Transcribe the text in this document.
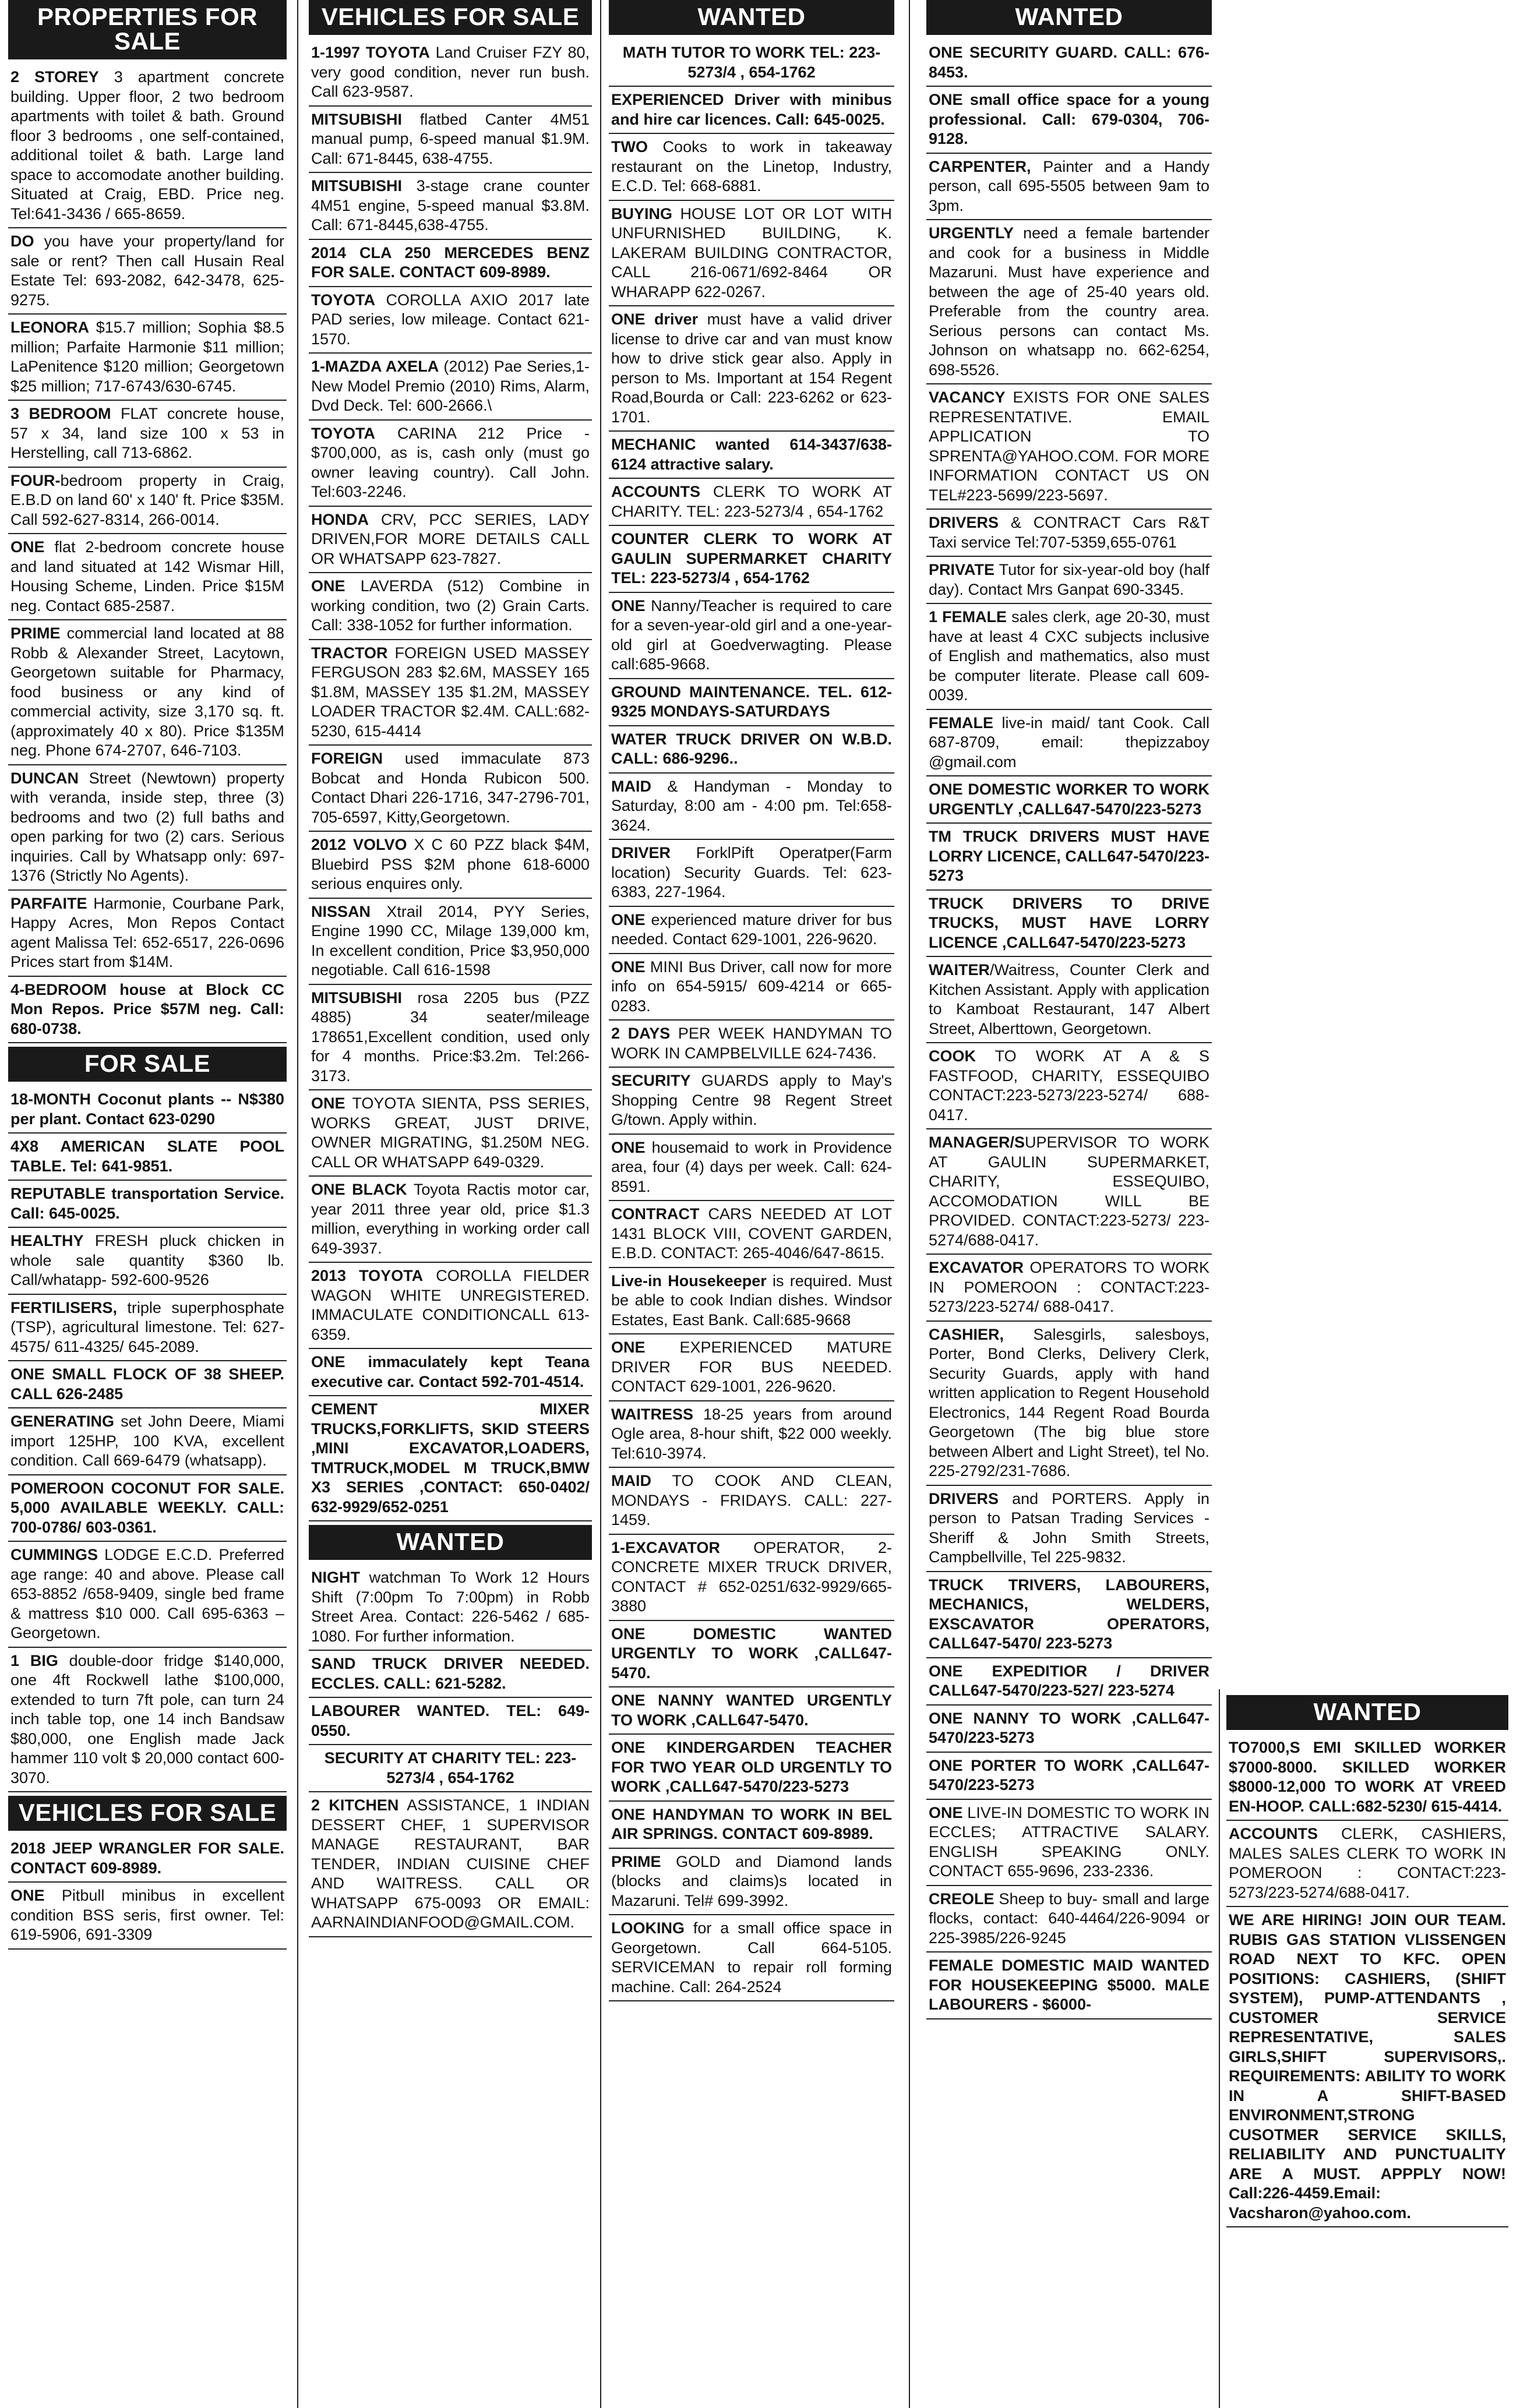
PROPERTIES FOR SALE
2 STOREY 3 apartment concrete building. Upper floor, 2 two bedroom apartments with toilet & bath. Ground floor 3 bedrooms , one self-contained, additional toilet & bath. Large land space to accomodate another building. Situated at Craig, EBD. Price neg. Tel:641-3436 / 665-8659.
DO you have your property/land for sale or rent? Then call Husain Real Estate Tel: 693-2082, 642-3478, 625-9275.
LEONORA $15.7 million; Sophia $8.5 million; Parfaite Harmonie $11 million; LaPenitence $120 million; Georgetown $25 million; 717-6743/630-6745.
3 BEDROOM FLAT concrete house, 57 x 34, land size 100 x 53 in Herstelling, call 713-6862.
FOUR-bedroom property in Craig, E.B.D on land 60' x 140' ft. Price $35M. Call 592-627-8314, 266-0014.
ONE flat 2-bedroom concrete house and land situated at 142 Wismar Hill, Housing Scheme, Linden. Price $15M neg. Contact 685-2587.
PRIME commercial land located at 88 Robb & Alexander Street, Lacytown, Georgetown suitable for Pharmacy, food business or any kind of commercial activity, size 3,170 sq. ft. (approximately 40 x 80). Price $135M neg. Phone 674-2707, 646-7103.
DUNCAN Street (Newtown) property with veranda, inside step, three (3) bedrooms and two (2) full baths and open parking for two (2) cars. Serious inquiries. Call by Whatsapp only: 697-1376 (Strictly No Agents).
PARFAITE Harmonie, Courbane Park, Happy Acres, Mon Repos Contact agent Malissa Tel: 652-6517, 226-0696 Prices start from $14M.
4-BEDROOM house at Block CC Mon Repos. Price $57M neg. Call: 680-0738.
FOR SALE
18-MONTH Coconut plants -- N$380 per plant. Contact 623-0290
4X8 AMERICAN SLATE POOL TABLE. Tel: 641-9851.
REPUTABLE transportation Service. Call: 645-0025.
HEALTHY FRESH pluck chicken in whole sale quantity $360 lb. Call/whatapp- 592-600-9526
FERTILISERS, triple superphosphate (TSP), agricultural limestone. Tel: 627-4575/ 611-4325/ 645-2089.
ONE SMALL FLOCK OF 38 SHEEP. CALL 626-2485
GENERATING set John Deere, Miami import 125HP, 100 KVA, excellent condition. Call 669-6479 (whatsapp).
POMEROON COCONUT FOR SALE. 5,000 AVAILABLE WEEKLY. CALL: 700-0786/ 603-0361.
CUMMINGS LODGE E.C.D. Preferred age range: 40 and above. Please call 653-8852 /658-9409, single bed frame & mattress $10 000. Call 695-6363 – Georgetown.
1 BIG double-door fridge $140,000, one 4ft Rockwell lathe $100,000, extended to turn 7ft pole, can turn 24 inch table top, one 14 inch Bandsaw $80,000, one English made Jack hammer 110 volt $ 20,000 contact 600-3070.
VEHICLES FOR SALE
2018 JEEP WRANGLER FOR SALE. CONTACT 609-8989.
ONE Pitbull minibus in excellent condition BSS seris, first owner. Tel: 619-5906, 691-3309
VEHICLES FOR SALE
1-1997 TOYOTA Land Cruiser FZY 80, very good condition, never run bush. Call 623-9587.
MITSUBISHI flatbed Canter 4M51 manual pump, 6-speed manual $1.9M. Call: 671-8445, 638-4755.
MITSUBISHI 3-stage crane counter 4M51 engine, 5-speed manual $3.8M. Call: 671-8445,638-4755.
2014 CLA 250 MERCEDES BENZ FOR SALE. CONTACT 609-8989.
TOYOTA COROLLA AXIO 2017 late PAD series, low mileage. Contact 621-1570.
1-MAZDA AXELA (2012) Pae Series,1- New Model Premio (2010) Rims, Alarm, Dvd Deck. Tel: 600-2666.\
TOYOTA CARINA 212 Price - $700,000, as is, cash only (must go owner leaving country). Call John. Tel:603-2246.
HONDA CRV, PCC SERIES, LADY DRIVEN,FOR MORE DETAILS CALL OR WHATSAPP 623-7827.
ONE LAVERDA (512) Combine in working condition, two (2) Grain Carts. Call: 338-1052 for further information.
TRACTOR FOREIGN USED MASSEY FERGUSON 283 $2.6M, MASSEY 165 $1.8M, MASSEY 135 $1.2M, MASSEY LOADER TRACTOR $2.4M. CALL:682-5230, 615-4414
FOREIGN used immaculate 873 Bobcat and Honda Rubicon 500. Contact Dhari 226-1716, 347-2796-701, 705-6597, Kitty,Georgetown.
2012 VOLVO X C 60 PZZ black $4M, Bluebird PSS $2M phone 618-6000 serious enquires only.
NISSAN Xtrail 2014, PYY Series, Engine 1990 CC, Milage 139,000 km, In excellent condition, Price $3,950,000 negotiable. Call 616-1598
MITSUBISHI rosa 2205 bus (PZZ 4885) 34 seater/mileage 178651,Excellent condition, used only for 4 months. Price:$3.2m. Tel:266-3173.
ONE TOYOTA SIENTA, PSS SERIES, WORKS GREAT, JUST DRIVE, OWNER MIGRATING, $1.250M NEG. CALL OR WHATSAPP 649-0329.
ONE BLACK Toyota Ractis motor car, year 2011 three year old, price $1.3 million, everything in working order call 649-3937.
2013 TOYOTA COROLLA FIELDER WAGON WHITE UNREGISTERED. IMMACULATE CONDITIONCALL 613-6359.
ONE immaculately kept Teana executive car. Contact 592-701-4514.
CEMENT MIXER TRUCKS,FORKLIFTS, SKID STEERS ,MINI EXCAVATOR,LOADERS, TMTRUCK,MODEL M TRUCK,BMW X3 SERIES ,CONTACT: 650-0402/ 632-9929/652-0251
WANTED
NIGHT watchman To Work 12 Hours Shift (7:00pm To 7:00pm) in Robb Street Area. Contact: 226-5462 / 685-1080. For further information.
SAND TRUCK DRIVER NEEDED. ECCLES. CALL: 621-5282.
LABOURER WANTED. TEL: 649-0550.
SECURITY AT CHARITY TEL: 223-5273/4 , 654-1762
2 KITCHEN ASSISTANCE, 1 INDIAN DESSERT CHEF, 1 SUPERVISOR MANAGE RESTAURANT, BAR TENDER, INDIAN CUISINE CHEF AND WAITRESS. CALL OR WHATSAPP 675-0093 OR EMAIL: AARNAINDIANFOOD@GMAIL.COM.
WANTED
MATH TUTOR TO WORK TEL: 223-5273/4 , 654-1762
EXPERIENCED Driver with minibus and hire car licences. Call: 645-0025.
TWO Cooks to work in takeaway restaurant on the Linetop, Industry, E.C.D. Tel: 668-6881.
BUYING HOUSE LOT OR LOT WITH UNFURNISHED BUILDING, K. LAKERAM BUILDING CONTRACTOR, CALL 216-0671/692-8464 OR WHARAPP 622-0267.
ONE driver must have a valid driver license to drive car and van must know how to drive stick gear also. Apply in person to Ms. Important at 154 Regent Road,Bourda or Call: 223-6262 or 623-1701.
MECHANIC wanted 614-3437/638-6124 attractive salary.
ACCOUNTS CLERK TO WORK AT CHARITY. TEL: 223-5273/4 , 654-1762
COUNTER CLERK TO WORK AT GAULIN SUPERMARKET CHARITY TEL: 223-5273/4 , 654-1762
ONE Nanny/Teacher is required to care for a seven-year-old girl and a one-year-old girl at Goedverwagting. Please call:685-9668.
GROUND MAINTENANCE. TEL. 612-9325 MONDAYS-SATURDAYS
WATER TRUCK DRIVER ON W.B.D. CALL: 686-9296..
MAID & Handyman - Monday to Saturday, 8:00 am - 4:00 pm. Tel:658-3624.
DRIVER ForklPift Operatper(Farm location) Security Guards. Tel: 623-6383, 227-1964.
ONE experienced mature driver for bus needed. Contact 629-1001, 226-9620.
ONE MINI Bus Driver, call now for more info on 654-5915/ 609-4214 or 665-0283.
2 DAYS PER WEEK HANDYMAN TO WORK IN CAMPBELVILLE 624-7436.
SECURITY GUARDS apply to May's Shopping Centre 98 Regent Street G/town. Apply within.
ONE housemaid to work in Providence area, four (4) days per week. Call: 624-8591.
CONTRACT CARS NEEDED AT LOT 1431 BLOCK VIII, COVENT GARDEN, E.B.D. CONTACT: 265-4046/647-8615.
Live-in Housekeeper is required. Must be able to cook Indian dishes. Windsor Estates, East Bank. Call:685-9668
ONE EXPERIENCED MATURE DRIVER FOR BUS NEEDED. CONTACT 629-1001, 226-9620.
WAITRESS 18-25 years from around Ogle area, 8-hour shift, $22 000 weekly. Tel:610-3974.
MAID TO COOK AND CLEAN, MONDAYS - FRIDAYS. CALL: 227-1459.
1-EXCAVATOR OPERATOR, 2- CONCRETE MIXER TRUCK DRIVER, CONTACT # 652-0251/632-9929/665-3880
ONE DOMESTIC WANTED URGENTLY TO WORK ,CALL647-5470.
ONE NANNY WANTED URGENTLY TO WORK ,CALL647-5470.
ONE KINDERGARDEN TEACHER FOR TWO YEAR OLD URGENTLY TO WORK ,CALL647-5470/223-5273
ONE HANDYMAN TO WORK IN BEL AIR SPRINGS. CONTACT 609-8989.
PRIME GOLD and Diamond lands (blocks and claims)s located in Mazaruni. Tel# 699-3992.
LOOKING for a small office space in Georgetown. Call 664-5105. SERVICEMAN to repair roll forming machine. Call: 264-2524
WANTED
ONE SECURITY GUARD. CALL: 676-8453.
ONE small office space for a young professional. Call: 679-0304, 706-9128.
CARPENTER, Painter and a Handy person, call 695-5505 between 9am to 3pm.
URGENTLY need a female bartender and cook for a business in Middle Mazaruni. Must have experience and between the age of 25-40 years old. Preferable from the country area. Serious persons can contact Ms. Johnson on whatsapp no. 662-6254, 698-5526.
VACANCY EXISTS FOR ONE SALES REPRESENTATIVE. EMAIL APPLICATION TO SPRENTA@YAHOO.COM. FOR MORE INFORMATION CONTACT US ON TEL#223-5699/223-5697.
DRIVERS & CONTRACT Cars R&T Taxi service Tel:707-5359,655-0761
PRIVATE Tutor for six-year-old boy (half day). Contact Mrs Ganpat 690-3345.
1 FEMALE sales clerk, age 20-30, must have at least 4 CXC subjects inclusive of English and mathematics, also must be computer literate. Please call 609-0039.
FEMALE live-in maid/ tant Cook. Call 687-8709, email: thepizzaboy @gmail.com
ONE DOMESTIC WORKER TO WORK URGENTLY ,CALL647-5470/223-5273
TM TRUCK DRIVERS MUST HAVE LORRY LICENCE, CALL647-5470/223-5273
TRUCK DRIVERS TO DRIVE TRUCKS, MUST HAVE LORRY LICENCE ,CALL647-5470/223-5273
WAITER/Waitress, Counter Clerk and Kitchen Assistant. Apply with application to Kamboat Restaurant, 147 Albert Street, Alberttown, Georgetown.
COOK TO WORK AT A & S FASTFOOD, CHARITY, ESSEQUIBO CONTACT:223-5273/223-5274/ 688-0417.
MANAGER/SUPERVISOR TO WORK AT GAULIN SUPERMARKET, CHARITY, ESSEQUIBO, ACCOMODATION WILL BE PROVIDED. CONTACT:223-5273/ 223-5274/688-0417.
EXCAVATOR OPERATORS TO WORK IN POMEROON : CONTACT:223-5273/223-5274/ 688-0417.
CASHIER, Salesgirls, salesboys, Porter, Bond Clerks, Delivery Clerk, Security Guards, apply with hand written application to Regent Household Electronics, 144 Regent Road Bourda Georgetown (The big blue store between Albert and Light Street), tel No. 225-2792/231-7686.
DRIVERS and PORTERS. Apply in person to Patsan Trading Services - Sheriff & John Smith Streets, Campbellville, Tel 225-9832.
TRUCK TRIVERS, LABOURERS, MECHANICS, WELDERS, EXSCAVATOR OPERATORS, CALL647-5470/ 223-5273
ONE EXPEDITIOR / DRIVER CALL647-5470/223-527/ 223-5274
ONE NANNY TO WORK ,CALL647-5470/223-5273
ONE PORTER TO WORK ,CALL647-5470/223-5273
ONE LIVE-IN DOMESTIC TO WORK IN ECCLES; ATTRACTIVE SALARY. ENGLISH SPEAKING ONLY. CONTACT 655-9696, 233-2336.
CREOLE Sheep to buy- small and large flocks, contact: 640-4464/226-9094 or 225-3985/226-9245
FEMALE DOMESTIC MAID WANTED FOR HOUSEKEEPING $5000. MALE LABOURERS - $6000-
WANTED
TO7000,S EMI SKILLED WORKER $7000-8000. SKILLED WORKER $8000-12,000 TO WORK AT VREED EN-HOOP. CALL:682-5230/ 615-4414.
ACCOUNTS CLERK, CASHIERS, MALES SALES CLERK TO WORK IN POMEROON : CONTACT:223-5273/223-5274/688-0417.
WE ARE HIRING! JOIN OUR TEAM. RUBIS GAS STATION VLISSENGEN ROAD NEXT TO KFC. OPEN POSITIONS: CASHIERS, (SHIFT SYSTEM), PUMP-ATTENDANTS , CUSTOMER SERVICE REPRESENTATIVE, SALES GIRLS,SHIFT SUPERVISORS,. REQUIREMENTS: ABILITY TO WORK IN A SHIFT-BASED ENVIRONMENT,STRONG CUSOTMER SERVICE SKILLS, RELIABILITY AND PUNCTUALITY ARE A MUST. APPPLY NOW! Call:226-4459.Email: Vacsharon@yahoo.com.
